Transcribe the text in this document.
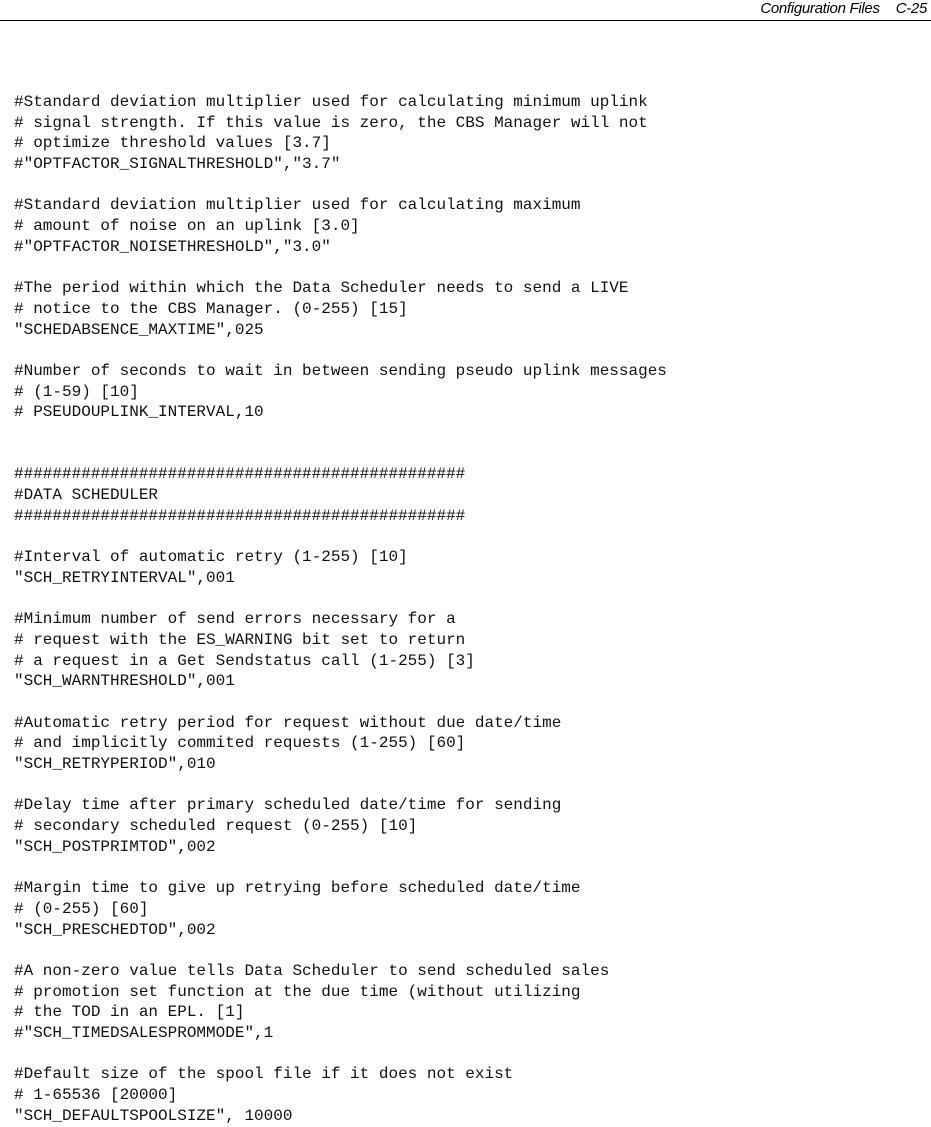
Configuration Files C-25
#Standard deviation multiplier used for calculating minimum uplink
# signal strength. If this value is zero, the CBS Manager will not
# optimize threshold values [3.7]
#"OPTFACTOR_SIGNALTHRESHOLD","3.7"
#Standard deviation multiplier used for calculating maximum
# amount of noise on an uplink [3.0]
#"OPTFACTOR_NOISETHRESHOLD","3.0"
#The period within which the Data Scheduler needs to send a LIVE
# notice to the CBS Manager. (0-255) [15]
"SCHEDABSENCE_MAXTIME",025
#Number of seconds to wait in between sending pseudo uplink messages
# (1-59) [10]
# PSEUDOUPLINK_INTERVAL,10
###############################################
#DATA SCHEDULER
###############################################
#Interval of automatic retry (1-255) [10]
"SCH_RETRYINTERVAL",001
#Minimum number of send errors necessary for a
# request with the ES_WARNING bit set to return
# a request in a Get Sendstatus call (1-255) [3]
"SCH_WARNTHRESHOLD",001
#Automatic retry period for request without due date/time
# and implicitly commited requests (1-255) [60]
"SCH_RETRYPERIOD",010
#Delay time after primary scheduled date/time for sending
# secondary scheduled request (0-255) [10]
"SCH_POSTPRIMTOD",002
#Margin time to give up retrying before scheduled date/time
# (0-255) [60]
"SCH_PRESCHEDTOD",002
#A non-zero value tells Data Scheduler to send scheduled sales
# promotion set function at the due time (without utilizing
# the TOD in an EPL. [1]
#"SCH_TIMEDSALESPROMMODE",1
#Default size of the spool file if it does not exist
# 1-65536 [20000]
"SCH_DEFAULTSPOOLSIZE", 10000
